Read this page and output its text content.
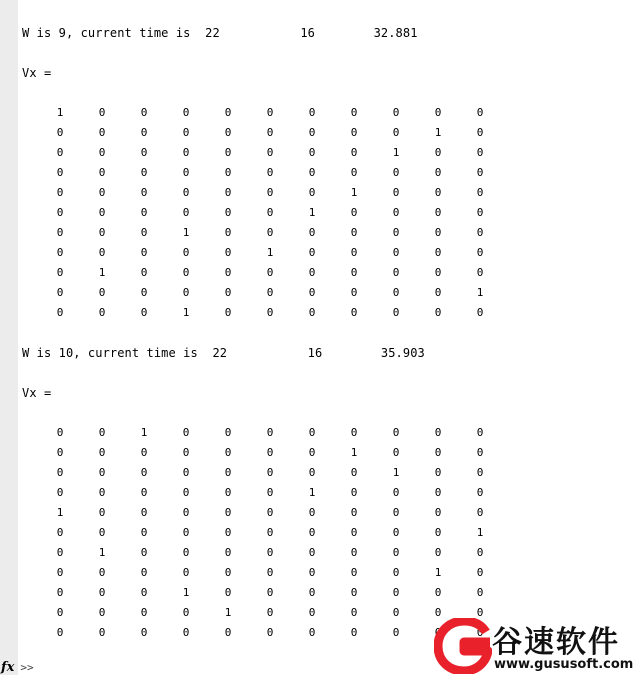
W is 9, current time is  22           16        32.881
Vx =
1	0	0	0	0	0	0	0	0	0	0
0	0	0	0	0	0	0	0	0	1	0
0	0	0	0	0	0	0	0	1	0	0
0	0	0	0	0	0	0	0	0	0	0
0	0	0	0	0	0	0	1	0	0	0
0	0	0	0	0	0	1	0	0	0	0
0	0	0	1	0	0	0	0	0	0	0
0	0	0	0	0	1	0	0	0	0	0
0	1	0	0	0	0	0	0	0	0	0
0	0	0	0	0	0	0	0	0	0	1
0	0	0	1	0	0	0	0	0	0	0
W is 10, current time is  22           16        35.903
Vx =
0	0	1	0	0	0	0	0	0	0	0
0	0	0	0	0	0	0	1	0	0	0
0	0	0	0	0	0	0	0	1	0	0
0	0	0	0	0	0	1	0	0	0	0
1	0	0	0	0	0	0	0	0	0	0
0	0	0	0	0	0	0	0	0	0	1
0	1	0	0	0	0	0	0	0	0	0
0	0	0	0	0	0	0	0	0	1	0
0	0	0	1	0	0	0	0	0	0	0
0	0	0	0	1	0	0	0	0	0	0
0	0	0	0	0	0	0	0	0	0	0
fx >>
谷速软件
www.gususoft.com
